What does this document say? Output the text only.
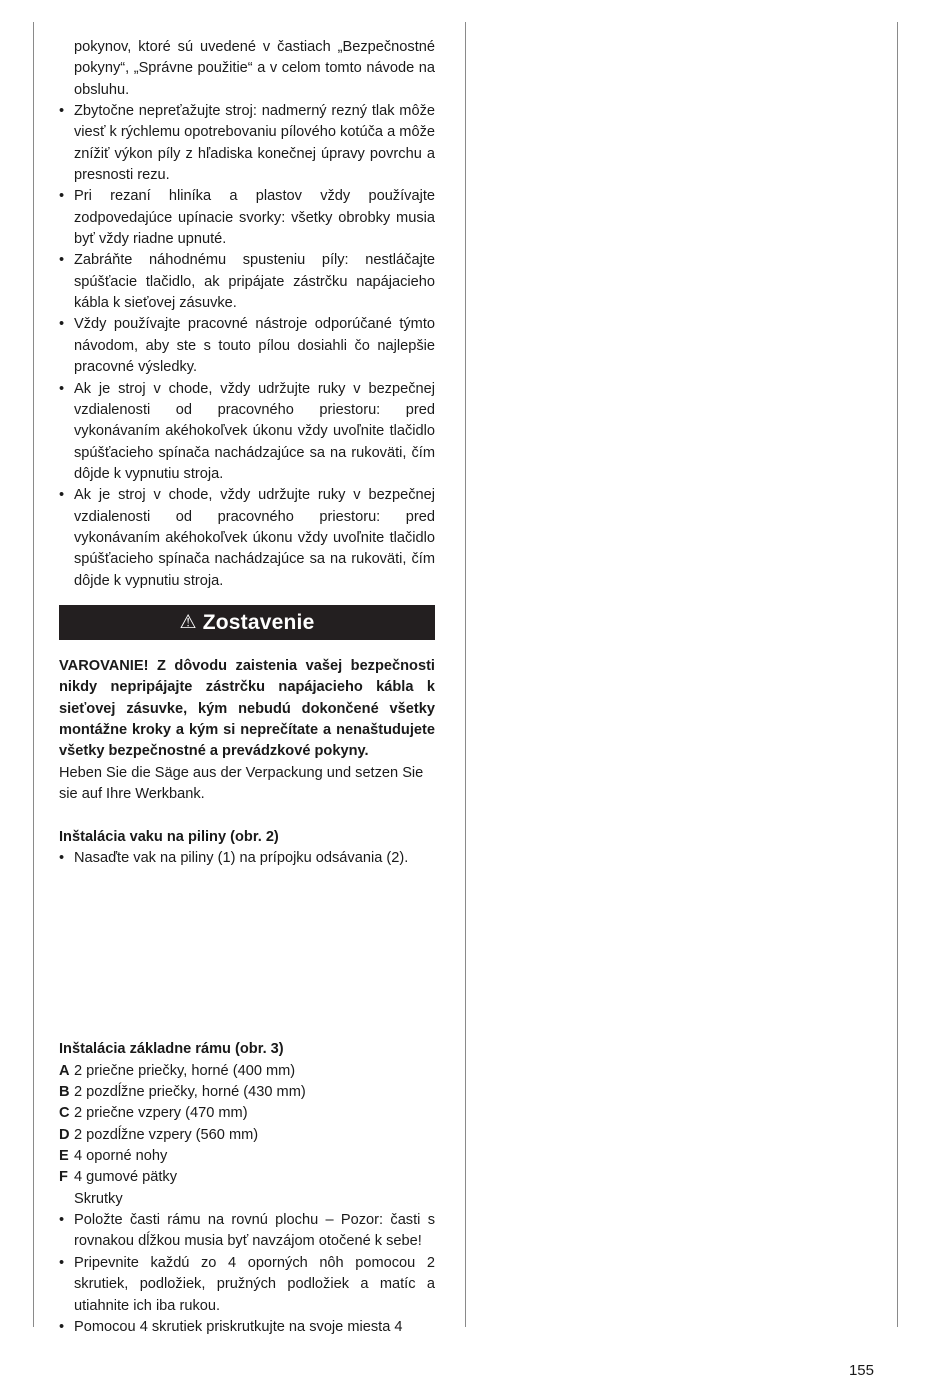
pokynov, ktoré sú uvedené v častiach „Bezpečnostné pokyny“, „Správne použitie“ a v celom tomto návode na obsluhu.

• Zbytočne nepreťažujte stroj: nadmerný rezný tlak môže viesť k rýchlemu opotrebovaniu pílového kotúča a môže znížiť výkon píly z hľadiska konečnej úpravy povrchu a presnosti rezu.

• Pri rezaní hliníka a plastov vždy používajte zodpovedajúce upínacie svorky: všetky obrobky musia byť vždy riadne upnuté.

• Zabráňte náhodnému spusteniu píly: nestláčajte spúšťacie tlačidlo, ak pripájate zástrčku napájacieho kábla k sieťovej zásuvke.

• Vždy používajte pracovné nástroje odporúčané týmto návodom, aby ste s touto pílou dosiahli čo najlepšie pracovné výsledky.

• Ak je stroj v chode, vždy udržujte ruky v bezpečnej vzdialenosti od pracovného priestoru: pred vykonávaním akéhokoľvek úkonu vždy uvoľnite tlačidlo spúšťacieho spínača nachádzajúce sa na rukoväti, čím dôjde k vypnutiu stroja.

• Ak je stroj v chode, vždy udržujte ruky v bezpečnej vzdialenosti od pracovného priestoru: pred vykonávaním akéhokoľvek úkonu vždy uvoľnite tlačidlo spúšťacieho spínača nachádzajúce sa na rukoväti, čím dôjde k vypnutiu stroja.

⚠ Zostavenie

VAROVANIE! Z dôvodu zaistenia vašej bezpečnosti nikdy nepripájajte zástrčku napájacieho kábla k sieťovej zásuvke, kým nebudú dokončené všetky montážne kroky a kým si neprečítate a nenaštudujete všetky bezpečnostné a prevádzkové pokyny.

Heben Sie die Säge aus der Verpackung und setzen Sie sie auf Ihre Werkbank.

Inštalácia vaku na piliny (obr. 2)

• Nasaďte vak na piliny (1) na prípojku odsávania (2).

Inštalácia základne rámu (obr. 3)

A 2 priečne priečky, horné (400 mm)
B 2 pozdĺžne priečky, horné (430 mm)
C 2 priečne vzpery (470 mm)
D 2 pozdĺžne vzpery (560 mm)
E 4 oporné nohy
F 4 gumové pätky
Skrutky

• Položte časti rámu na rovnú plochu – Pozor: časti s rovnakou dĺžkou musia byť navzájom otočené k sebe!

• Pripevnite každú zo 4 oporných nôh pomocou 2 skrutiek, podložiek, pružných podložiek a matíc a utiahnite ich iba rukou.

• Pomocou 4 skrutiek priskrutkujte na svoje miesta 4

155
